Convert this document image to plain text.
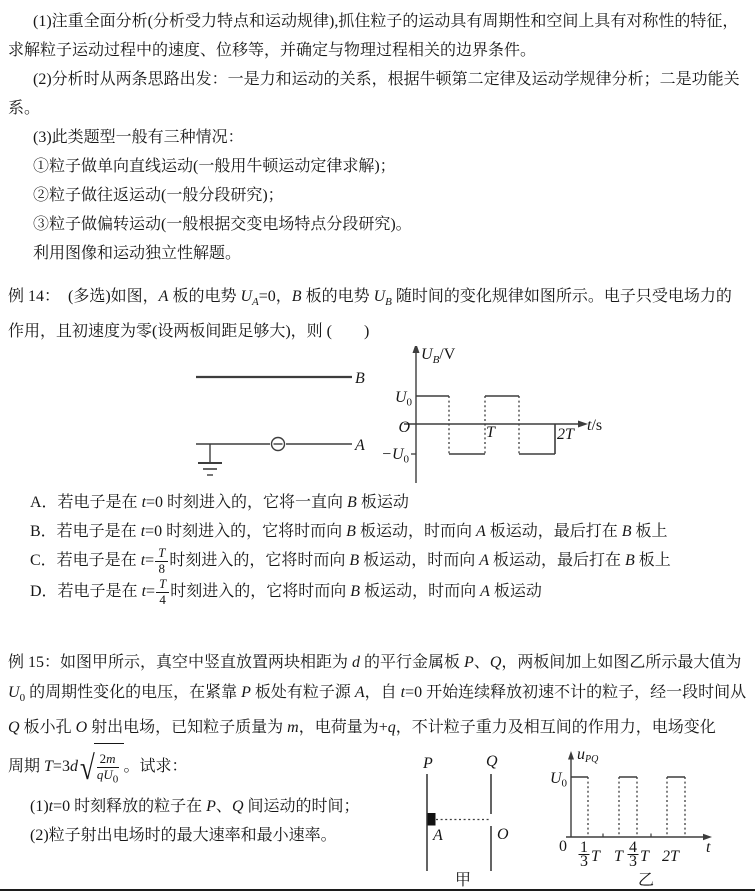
(1)注重全面分析(分析受力特点和运动规律),抓住粒子的运动具有周期性和空间上具有对称性的特征，求解粒子运动过程中的速度、位移等，并确定与物理过程相关的边界条件。

(2)分析时从两条思路出发：一是力和运动的关系，根据牛顿第二定律及运动学规律分析；二是功能关系。

(3)此类题型一般有三种情况：

①粒子做单向直线运动(一般用牛顿运动定律求解)；

②粒子做往返运动(一般分段研究)；

③粒子做偏转运动(一般根据交变电场特点分段研究)。

利用图像和运动独立性解题。

例 14：　(多选)如图，A 板的电势 $U_A=0$，B 板的电势 $U_B$ 随时间的变化规律如图所示。电子只受电场力的作用，且初速度为零(设两板间距足够大)，则 (　　)

B
A
$U_B/V$
$U_0$
O
$-U_0$
T	2T
t/s

A．若电子是在 t=0 时刻进入的，它将一直向 B 板运动

B．若电子是在 t=0 时刻进入的，它将时而向 B 板运动，时而向 A 板运动，最后打在 B 板上

C．若电子是在 $t= \frac{T}{8}$ 时刻进入的，它将时而向 B 板运动，时而向 A 板运动，最后打在 B 板上

D．若电子是在 $t= \frac{T}{4}$ 时刻进入的，它将时而向 B 板运动，时而向 A 板运动

例 15：如图甲所示，真空中竖直放置两块相距为 d 的平行金属板 P、Q，两板间加上如图乙所示最大值为 $U_0$ 的周期性变化的电压，在紧靠 P 板处有粒子源 A，自 t=0 开始连续释放初速不计的粒子，经一段时间从 Q 板小孔 O 射出电场，已知粒子质量为 m，电荷量为+q，不计粒子重力及相互间的作用力，电场变化

周期 $T=3d√ \frac{2m}{qU_0}$ 。试求：

(1)t=0 时刻释放的粒子在 P、Q 间运动的时间；

(2)粒子射出电场时的最大速率和最小速率。

P	Q
A	O
甲
uPQ
$U_0$
0 1
3 T T
4
3 T 2T
t
乙
